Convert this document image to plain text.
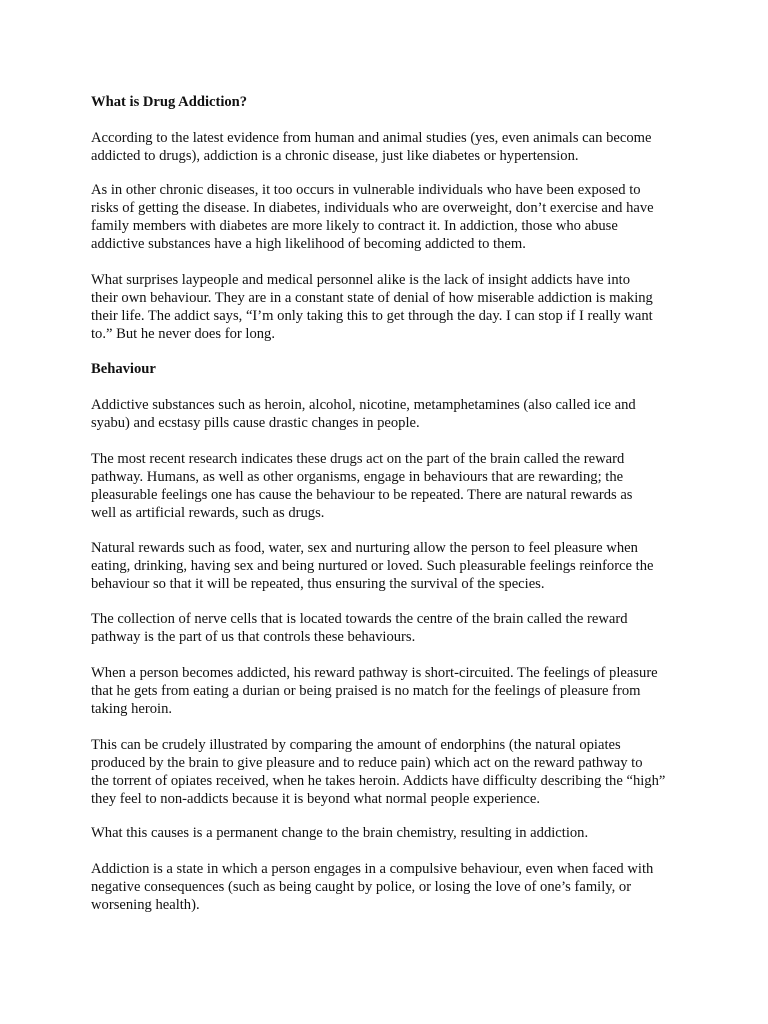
What is Drug Addiction?

According to the latest evidence from human and animal studies (yes, even animals can become
addicted to drugs), addiction is a chronic disease, just like diabetes or hypertension.

As in other chronic diseases, it too occurs in vulnerable individuals who have been exposed to
risks of getting the disease. In diabetes, individuals who are overweight, don’t exercise and have
family members with diabetes are more likely to contract it. In addiction, those who abuse
addictive substances have a high likelihood of becoming addicted to them.

What surprises laypeople and medical personnel alike is the lack of insight addicts have into
their own behaviour. They are in a constant state of denial of how miserable addiction is making
their life. The addict says, “I’m only taking this to get through the day. I can stop if I really want
to.” But he never does for long.

Behaviour

Addictive substances such as heroin, alcohol, nicotine, metamphetamines (also called ice and
syabu) and ecstasy pills cause drastic changes in people.

The most recent research indicates these drugs act on the part of the brain called the reward
pathway. Humans, as well as other organisms, engage in behaviours that are rewarding; the
pleasurable feelings one has cause the behaviour to be repeated. There are natural rewards as
well as artificial rewards, such as drugs.

Natural rewards such as food, water, sex and nurturing allow the person to feel pleasure when
eating, drinking, having sex and being nurtured or loved. Such pleasurable feelings reinforce the
behaviour so that it will be repeated, thus ensuring the survival of the species.

The collection of nerve cells that is located towards the centre of the brain called the reward
pathway is the part of us that controls these behaviours.

When a person becomes addicted, his reward pathway is short-circuited. The feelings of pleasure
that he gets from eating a durian or being praised is no match for the feelings of pleasure from
taking heroin.

This can be crudely illustrated by comparing the amount of endorphins (the natural opiates
produced by the brain to give pleasure and to reduce pain) which act on the reward pathway to
the torrent of opiates received, when he takes heroin. Addicts have difficulty describing the “high”
they feel to non-addicts because it is beyond what normal people experience.

What this causes is a permanent change to the brain chemistry, resulting in addiction.

Addiction is a state in which a person engages in a compulsive behaviour, even when faced with
negative consequences (such as being caught by police, or losing the love of one’s family, or
worsening health).
